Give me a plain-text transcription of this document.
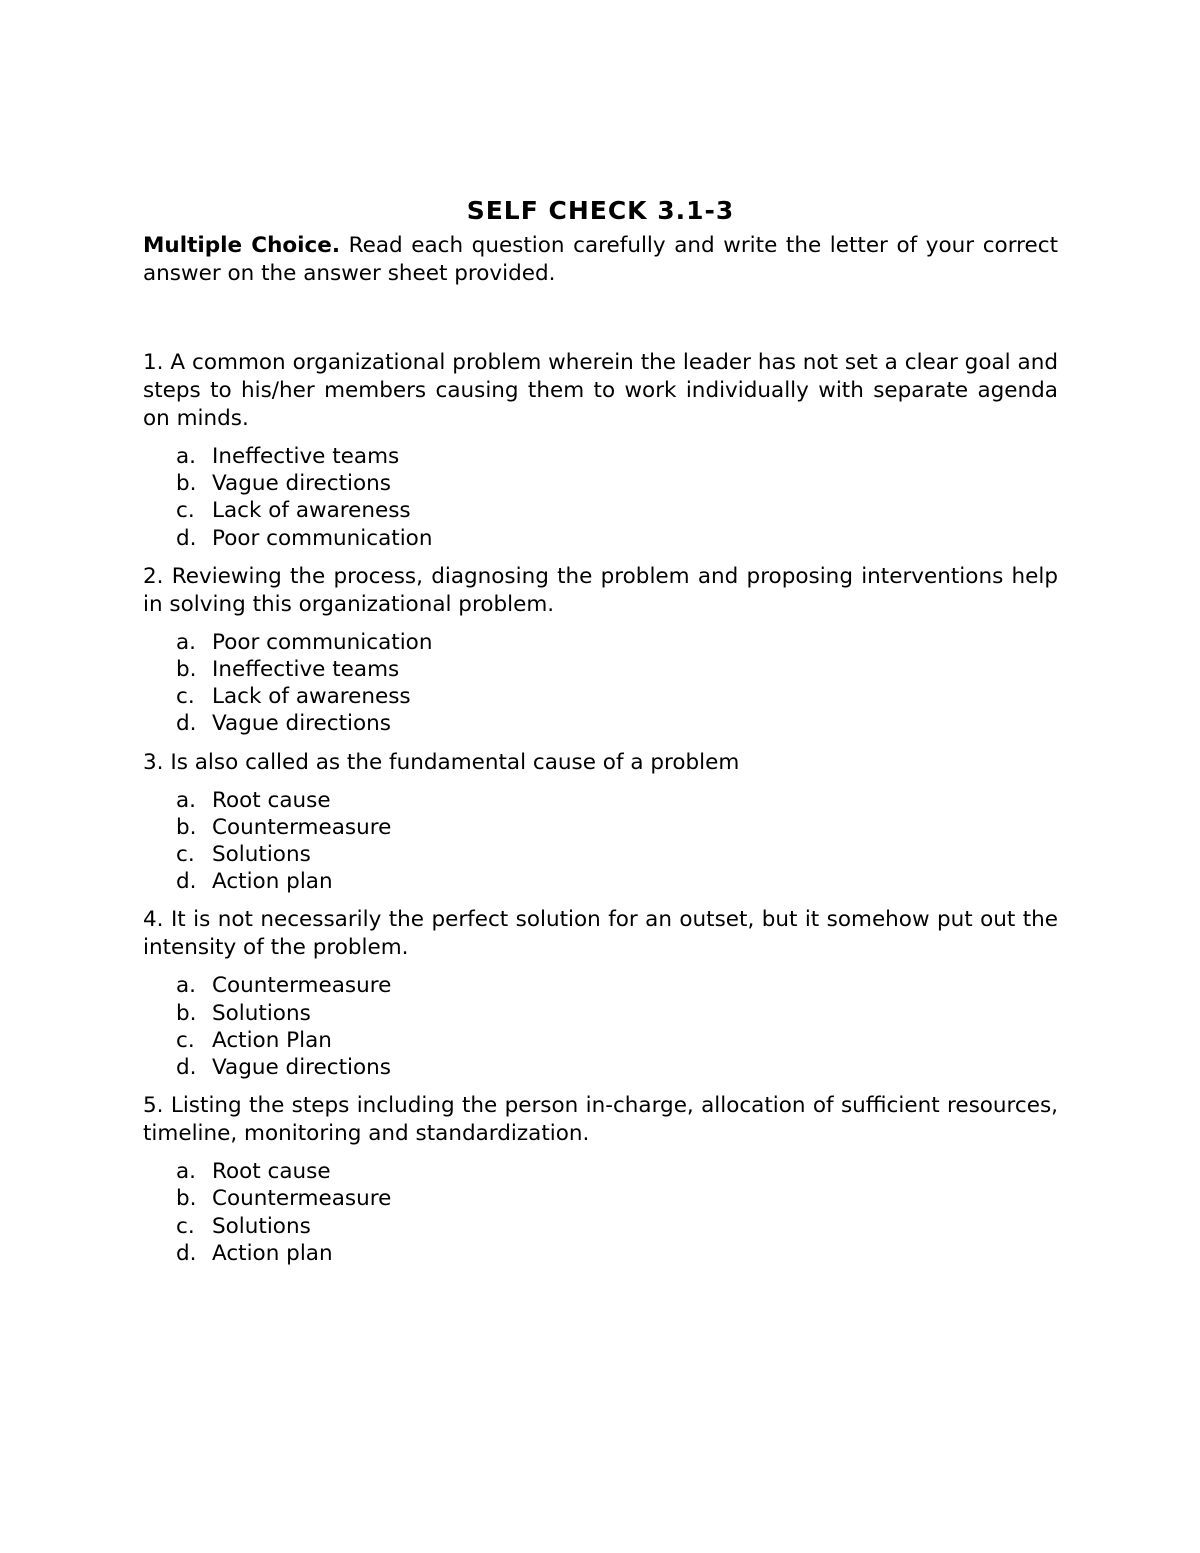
SELF CHECK 3.1-3

Multiple Choice. Read each question carefully and write the letter of your correct answer on the answer sheet provided.

1. A common organizational problem wherein the leader has not set a clear goal and steps to his/her members causing them to work individually with separate agenda on minds.

a. Ineffective teams
b. Vague directions
c. Lack of awareness
d. Poor communication

2. Reviewing the process, diagnosing the problem and proposing interventions help in solving this organizational problem.

a. Poor communication
b. Ineffective teams
c. Lack of awareness
d. Vague directions

3. Is also called as the fundamental cause of a problem

a. Root cause
b. Countermeasure
c. Solutions
d. Action plan

4. It is not necessarily the perfect solution for an outset, but it somehow put out the intensity of the problem.

a. Countermeasure
b. Solutions
c. Action Plan
d. Vague directions

5. Listing the steps including the person in-charge, allocation of sufficient resources, timeline, monitoring and standardization.

a. Root cause
b. Countermeasure
c. Solutions
d. Action plan
